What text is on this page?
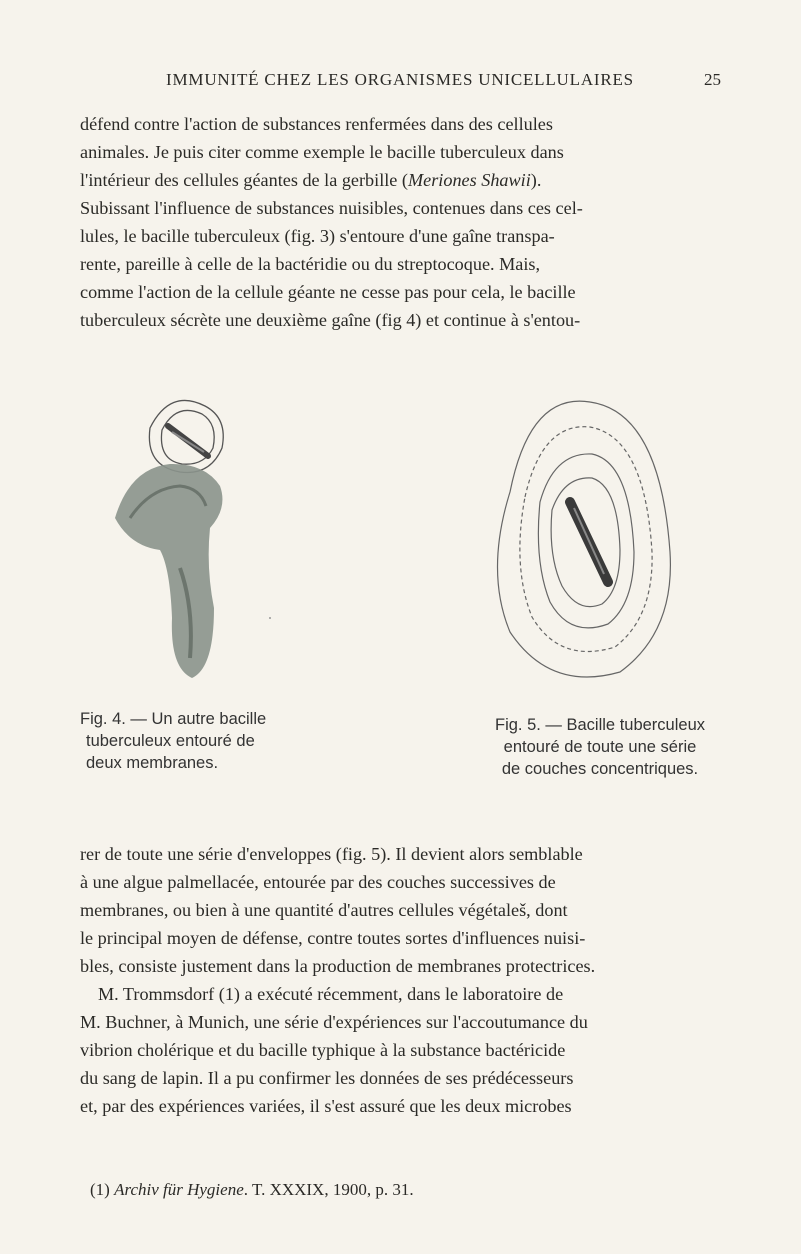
IMMUNITÉ CHEZ LES ORGANISMES UNICELLULAIRES	25
défend contre l'action de substances renfermées dans des cellules
animales. Je puis citer comme exemple le bacille tuberculeux dans
l'intérieur des cellules géantes de la gerbille (Meriones Shawii).
Subissant l'influence de substances nuisibles, contenues dans ces cel-
lules, le bacille tuberculeux (fig. 3) s'entoure d'une gaîne transpa-
rente, pareille à celle de la bactéridie ou du streptocoque. Mais,
comme l'action de la cellule géante ne cesse pas pour cela, le bacille
tuberculeux sécrète une deuxième gaîne (fig 4) et continue à s'entou-
Fig. 4. — Un autre bacille
tuberculeux entouré de
deux membranes.
Fig. 5. — Bacille tuberculeux
entouré de toute une série
de couches concentriques.
rer de toute une série d'enveloppes (fig. 5). Il devient alors semblable
à une algue palmellacée, entourée par des couches successives de
membranes, ou bien à une quantité d'autres cellules végétaleš, dont
le principal moyen de défense, contre toutes sortes d'influences nuisi-
bles, consiste justement dans la production de membranes protectrices.
M. Trommsdorf (1) a exécuté récemment, dans le laboratoire de
M. Buchner, à Munich, une série d'expériences sur l'accoutumance du
vibrion cholérique et du bacille typhique à la substance bactéricide
du sang de lapin. Il a pu confirmer les données de ses prédécesseurs
et, par des expériences variées, il s'est assuré que les deux microbes
(1) Archiv für Hygiene. T. XXXIX, 1900, p. 31.
